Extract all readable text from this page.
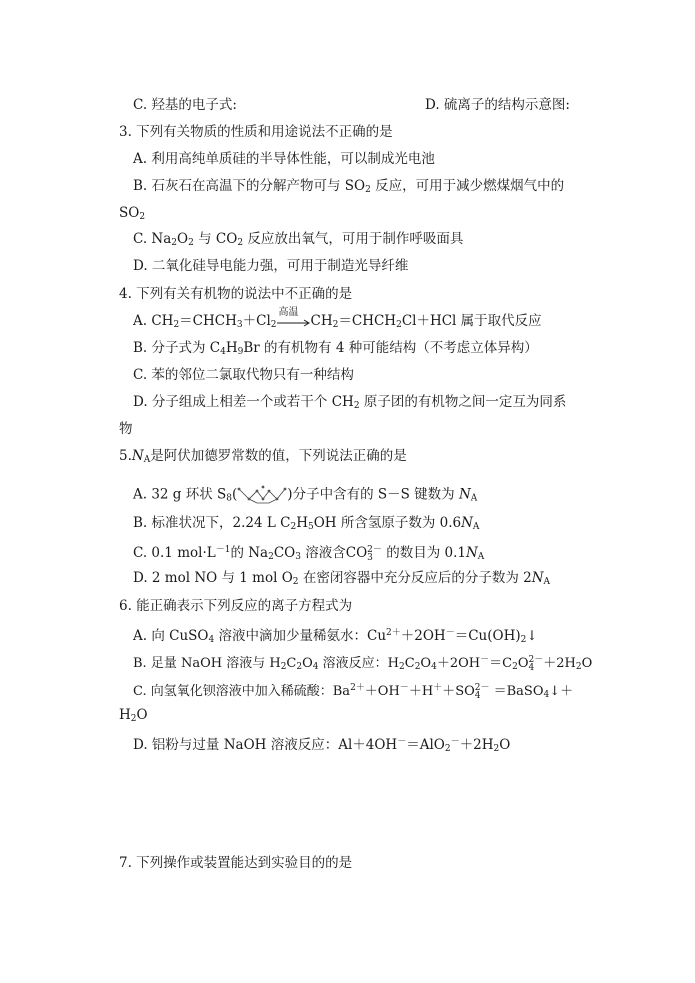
C. 羟基的电子式:	D. 硫离子的结构示意图:
3. 下列有关物质的性质和用途说法不正确的是
A. 利用高纯单质硅的半导体性能，可以制成光电池
B. 石灰石在高温下的分解产物可与 $SO_2$ 反应，可用于减少燃煤烟气中的
$SO_2$
C. $Na_2O_2$ 与 $CO_2$ 反应放出氧气，可用于制作呼吸面具
D. 二氧化硅导电能力强，可用于制造光导纤维
4. 下列有关有机物的说法中不正确的是
A. $CH_2=CHCH_3+Cl_2$
高温
$CH_2=CHCH_2Cl+HCl$ 属于取代反应
B. 分子式为 $C_4H_9Br$ 的有机物有 4 种可能结构（不考虑立体异构）
C. 苯的邻位二氯取代物只有一种结构
D. 分子组成上相差一个或若干个 $CH_2$ 原子团的有机物之间一定互为同系
物
$5.N_A$是阿伏加德罗常数的值，下列说法正确的是
A. 32 g 环状 $S_8$(	)分子中含有的 S－S 键数为 $N_A$
B. 标准状况下，2.24 L $C_2H_5OH$ 所含氢原子数为 $0.6N_A$
C. 0.1 $mol\cdot L^{-1}$的 $Na_2CO_3$ 溶液含CO 2－
3 的数目为 $0.1N_A$
D. 2 mol NO 与 1 mol $O_2$ 在密闭容器中充分反应后的分子数为 $2N_A$
6. 能正确表示下列反应的离子方程式为
A. 向 CuSO$_4$ 溶液中滴加少量稀氨水：$Cu^{2+}+2OH^-=Cu(OH)_2↓$
B. 足量 NaOH 溶液与 $H_2C_2O_4$ 溶液反应：$H_2C_2O_4+2OH^-=C_2O$ 2－
$4 +2H_2O$
C. 向氢氧化钡溶液中加入稀硫酸：$Ba^{2+}+OH^-+H^++SO$ 2－
4 ＝BaSO$_4$↓＋
$H_2O$
D. 铝粉与过量 NaOH 溶液反应：$Al+4OH^-=AlO_2^-+2H_2O$
7. 下列操作或装置能达到实验目的的是
